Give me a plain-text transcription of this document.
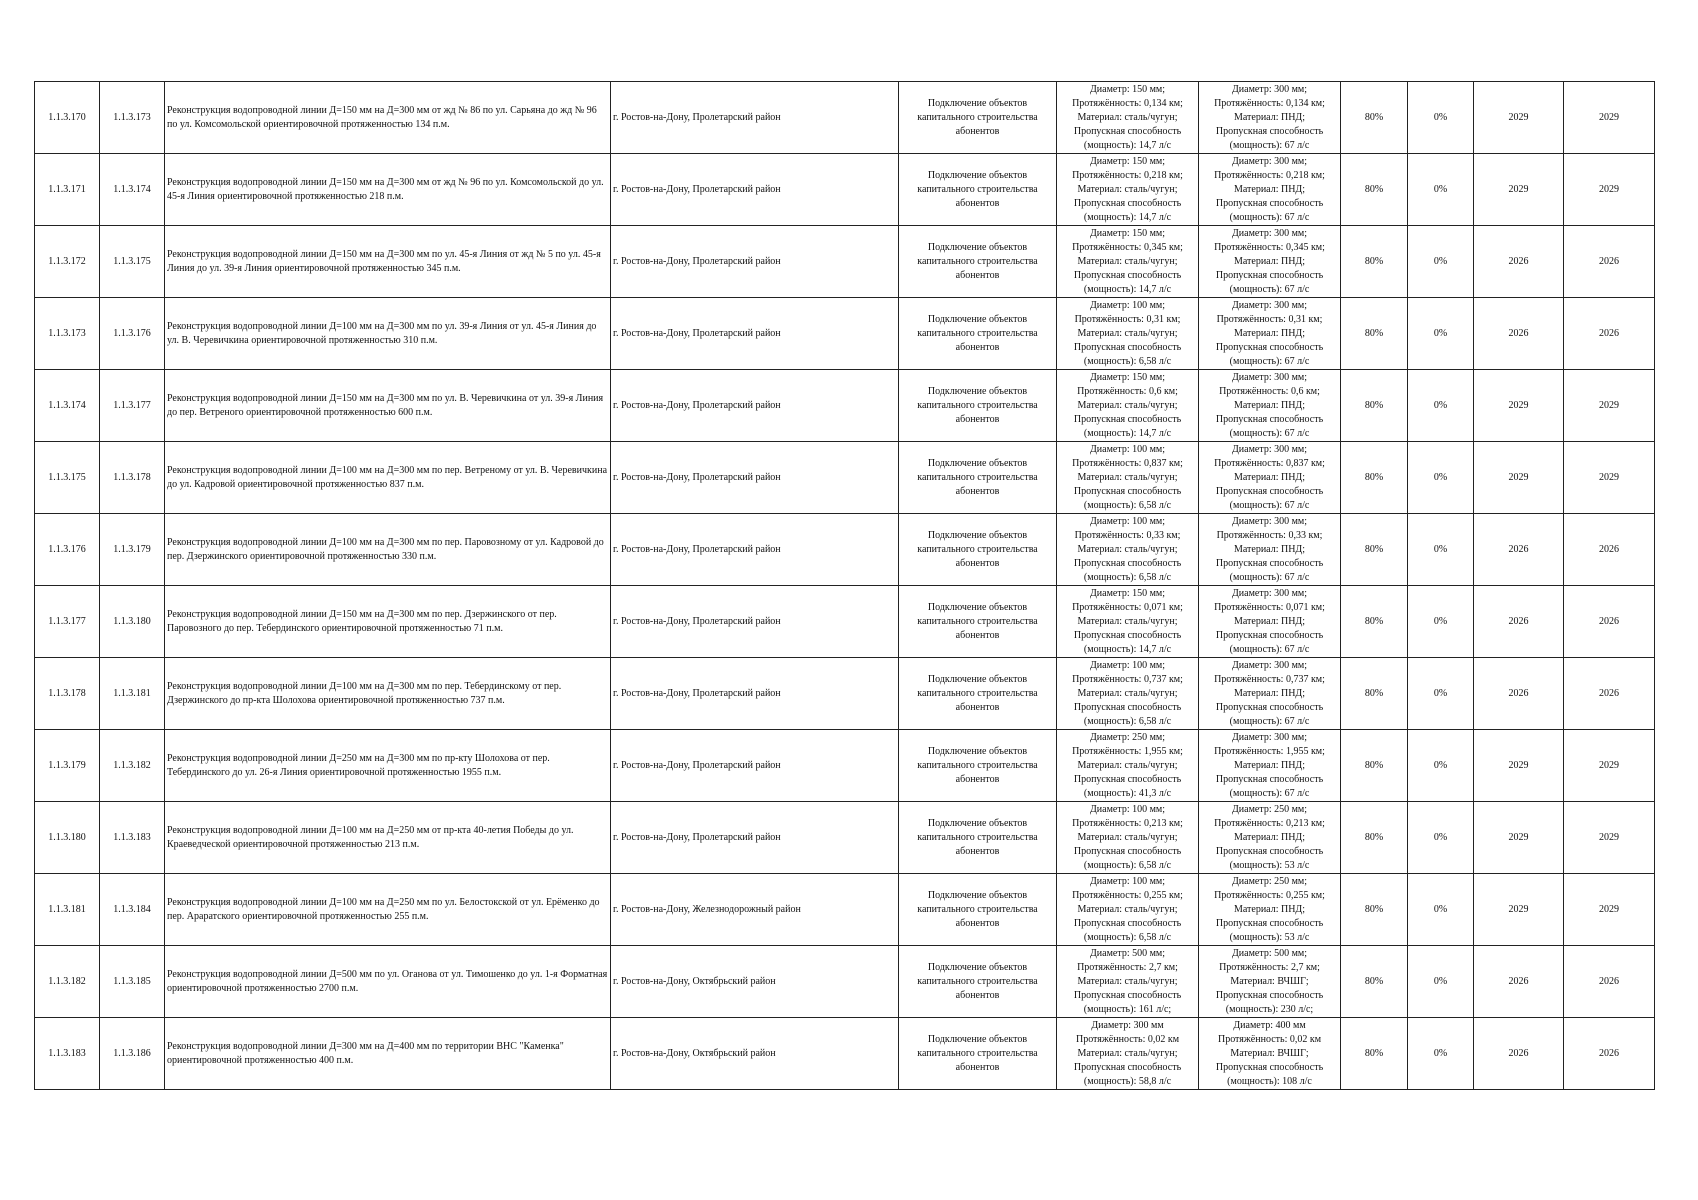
1.1.3.170	1.1.3.173	Реконструкция водопроводной линии Д=150 мм на Д=300 мм от жд № 86 по ул. Сарьяна до жд № 96 по ул. Комсомольской ориентировочной протяженностью 134 п.м.	г. Ростов-на-Дону, Пролетарский район	Подключение объектов капитального строительства абонентов	Диаметр: 150 мм;
Протяжённость: 0,134 км;
Материал: сталь/чугун;
Пропускная способность
(мощность): 14,7 л/с	Диаметр: 300 мм;
Протяжённость: 0,134 км;
Материал: ПНД;
Пропускная способность
(мощность): 67 л/с	80%	0%	2029	2029
1.1.3.171	1.1.3.174	Реконструкция водопроводной линии Д=150 мм на Д=300 мм от жд № 96 по ул. Комсомольской до ул. 45-я Линия ориентировочной протяженностью 218 п.м.	г. Ростов-на-Дону, Пролетарский район	Подключение объектов капитального строительства абонентов	Диаметр: 150 мм;
Протяжённость: 0,218 км;
Материал: сталь/чугун;
Пропускная способность
(мощность): 14,7 л/с	Диаметр: 300 мм;
Протяжённость: 0,218 км;
Материал: ПНД;
Пропускная способность
(мощность): 67 л/с	80%	0%	2029	2029
1.1.3.172	1.1.3.175	Реконструкция водопроводной линии Д=150 мм на Д=300 мм по ул. 45-я Линия от жд № 5 по ул. 45-я Линия до ул. 39-я Линия ориентировочной протяженностью 345 п.м.	г. Ростов-на-Дону, Пролетарский район	Подключение объектов капитального строительства абонентов	Диаметр: 150 мм;
Протяжённость: 0,345 км;
Материал: сталь/чугун;
Пропускная способность
(мощность): 14,7 л/с	Диаметр: 300 мм;
Протяжённость: 0,345 км;
Материал: ПНД;
Пропускная способность
(мощность): 67 л/с	80%	0%	2026	2026
1.1.3.173	1.1.3.176	Реконструкция водопроводной линии Д=100 мм на Д=300 мм по ул. 39-я Линия от ул. 45-я Линия до ул. В. Черевичкина ориентировочной протяженностью 310 п.м.	г. Ростов-на-Дону, Пролетарский район	Подключение объектов капитального строительства абонентов	Диаметр: 100 мм;
Протяжённость: 0,31 км;
Материал: сталь/чугун;
Пропускная способность
(мощность): 6,58 л/с	Диаметр: 300 мм;
Протяжённость: 0,31 км;
Материал: ПНД;
Пропускная способность
(мощность): 67 л/с	80%	0%	2026	2026
1.1.3.174	1.1.3.177	Реконструкция водопроводной линии Д=150 мм на Д=300 мм по ул. В. Черевичкина от ул. 39-я Линия до пер. Ветреного ориентировочной протяженностью 600 п.м.	г. Ростов-на-Дону, Пролетарский район	Подключение объектов капитального строительства абонентов	Диаметр: 150 мм;
Протяжённость: 0,6 км;
Материал: сталь/чугун;
Пропускная способность
(мощность): 14,7 л/с	Диаметр: 300 мм;
Протяжённость: 0,6 км;
Материал: ПНД;
Пропускная способность
(мощность): 67 л/с	80%	0%	2029	2029
1.1.3.175	1.1.3.178	Реконструкция водопроводной линии Д=100 мм на Д=300 мм по пер. Ветреному от ул. В. Черевичкина до ул. Кадровой ориентировочной протяженностью 837 п.м.	г. Ростов-на-Дону, Пролетарский район	Подключение объектов капитального строительства абонентов	Диаметр: 100 мм;
Протяжённость: 0,837 км;
Материал: сталь/чугун;
Пропускная способность
(мощность): 6,58 л/с	Диаметр: 300 мм;
Протяжённость: 0,837 км;
Материал: ПНД;
Пропускная способность
(мощность): 67 л/с	80%	0%	2029	2029
1.1.3.176	1.1.3.179	Реконструкция водопроводной линии Д=100 мм на Д=300 мм по пер. Паровозному от ул. Кадровой до пер. Дзержинского ориентировочной протяженностью 330 п.м.	г. Ростов-на-Дону, Пролетарский район	Подключение объектов капитального строительства абонентов	Диаметр: 100 мм;
Протяжённость: 0,33 км;
Материал: сталь/чугун;
Пропускная способность
(мощность): 6,58 л/с	Диаметр: 300 мм;
Протяжённость: 0,33 км;
Материал: ПНД;
Пропускная способность
(мощность): 67 л/с	80%	0%	2026	2026
1.1.3.177	1.1.3.180	Реконструкция водопроводной линии Д=150 мм на Д=300 мм по пер. Дзержинского от пер. Паровозного до пер. Тебердинского ориентировочной протяженностью 71 п.м.	г. Ростов-на-Дону, Пролетарский район	Подключение объектов капитального строительства абонентов	Диаметр: 150 мм;
Протяжённость: 0,071 км;
Материал: сталь/чугун;
Пропускная способность
(мощность): 14,7 л/с	Диаметр: 300 мм;
Протяжённость: 0,071 км;
Материал: ПНД;
Пропускная способность
(мощность): 67 л/с	80%	0%	2026	2026
1.1.3.178	1.1.3.181	Реконструкция водопроводной линии Д=100 мм на Д=300 мм по пер. Тебердинскому от пер. Дзержинского до пр-кта Шолохова ориентировочной протяженностью 737 п.м.	г. Ростов-на-Дону, Пролетарский район	Подключение объектов капитального строительства абонентов	Диаметр: 100 мм;
Протяжённость: 0,737 км;
Материал: сталь/чугун;
Пропускная способность
(мощность): 6,58 л/с	Диаметр: 300 мм;
Протяжённость: 0,737 км;
Материал: ПНД;
Пропускная способность
(мощность): 67 л/с	80%	0%	2026	2026
1.1.3.179	1.1.3.182	Реконструкция водопроводной линии Д=250 мм на Д=300 мм по пр-кту Шолохова от пер. Тебердинского до ул. 26-я Линия ориентировочной протяженностью 1955 п.м.	г. Ростов-на-Дону, Пролетарский район	Подключение объектов капитального строительства абонентов	Диаметр: 250 мм;
Протяжённость: 1,955 км;
Материал: сталь/чугун;
Пропускная способность
(мощность): 41,3 л/с	Диаметр: 300 мм;
Протяжённость: 1,955 км;
Материал: ПНД;
Пропускная способность
(мощность): 67 л/с	80%	0%	2029	2029
1.1.3.180	1.1.3.183	Реконструкция водопроводной линии Д=100 мм на Д=250 мм от пр-кта 40-летия Победы до ул. Краеведческой ориентировочной протяженностью 213 п.м.	г. Ростов-на-Дону, Пролетарский район	Подключение объектов капитального строительства абонентов	Диаметр: 100 мм;
Протяжённость: 0,213 км;
Материал: сталь/чугун;
Пропускная способность
(мощность): 6,58 л/с	Диаметр: 250 мм;
Протяжённость: 0,213 км;
Материал: ПНД;
Пропускная способность
(мощность): 53 л/с	80%	0%	2029	2029
1.1.3.181	1.1.3.184	Реконструкция водопроводной линии Д=100 мм на Д=250 мм по ул. Белостокской от ул. Ерёменко до пер. Араратского ориентировочной протяженностью 255 п.м.	г. Ростов-на-Дону, Железнодорожный район	Подключение объектов капитального строительства абонентов	Диаметр: 100 мм;
Протяжённость: 0,255 км;
Материал: сталь/чугун;
Пропускная способность
(мощность): 6,58 л/с	Диаметр: 250 мм;
Протяжённость: 0,255 км;
Материал: ПНД;
Пропускная способность
(мощность): 53 л/с	80%	0%	2029	2029
1.1.3.182	1.1.3.185	Реконструкция водопроводной линии Д=500 мм по ул. Оганова от ул. Тимошенко до ул. 1-я Форматная ориентировочной протяженностью 2700 п.м.	г. Ростов-на-Дону, Октябрьский район	Подключение объектов капитального строительства абонентов	Диаметр: 500 мм;
Протяжённость: 2,7 км;
Материал: сталь/чугун;
Пропускная способность
(мощность): 161 л/с;	Диаметр: 500 мм;
Протяжённость: 2,7 км;
Материал: ВЧШГ;
Пропускная способность
(мощность): 230 л/с;	80%	0%	2026	2026
1.1.3.183	1.1.3.186	Реконструкция водопроводной линии Д=300 мм на Д=400 мм по территории ВНС "Каменка" ориентировочной протяженностью 400 п.м.	г. Ростов-на-Дону, Октябрьский район	Подключение объектов капитального строительства абонентов	Диаметр: 300 мм
Протяжённость: 0,02 км
Материал: сталь/чугун;
Пропускная способность
(мощность): 58,8 л/с	Диаметр: 400 мм
Протяжённость: 0,02 км
Материал: ВЧШГ;
Пропускная способность
(мощность): 108 л/с	80%	0%	2026	2026
